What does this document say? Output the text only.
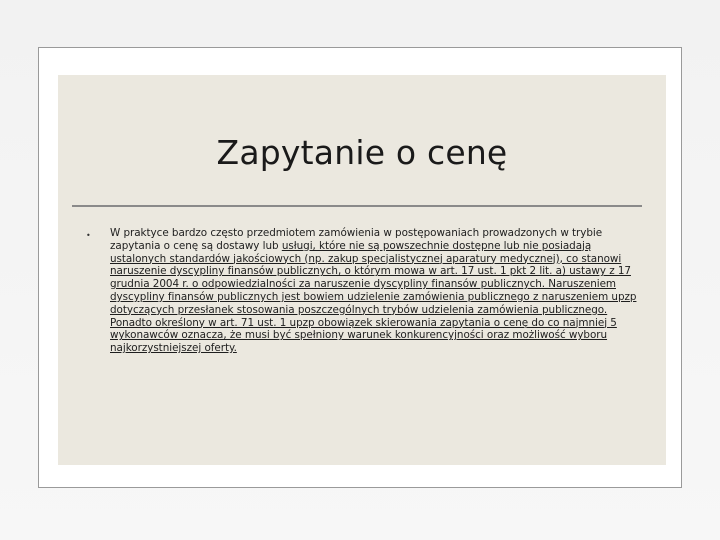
Zapytanie o cenę
• W praktyce bardzo często przedmiotem zamówienia w postępowaniach prowadzonych w trybie zapytania o cenę są dostawy lub usługi, które nie są powszechnie dostępne lub nie posiadają ustalonych standardów jakościowych (np. zakup specjalistycznej aparatury medycznej), co stanowi naruszenie dyscypliny finansów publicznych, o którym mowa w art. 17 ust. 1 pkt 2 lit. a) ustawy z 17 grudnia 2004 r. o odpowiedzialności za naruszenie dyscypliny finansów publicznych. Naruszeniem dyscypliny finansów publicznych jest bowiem udzielenie zamówienia publicznego z naruszeniem upzp dotyczących przesłanek stosowania poszczególnych trybów udzielenia zamówienia publicznego. Ponadto określony w art. 71 ust. 1 upzp obowiązek skierowania zapytania o cenę do co najmniej 5 wykonawców oznacza, że musi być spełniony warunek konkurencyjności oraz możliwość wyboru najkorzystniejszej oferty.
